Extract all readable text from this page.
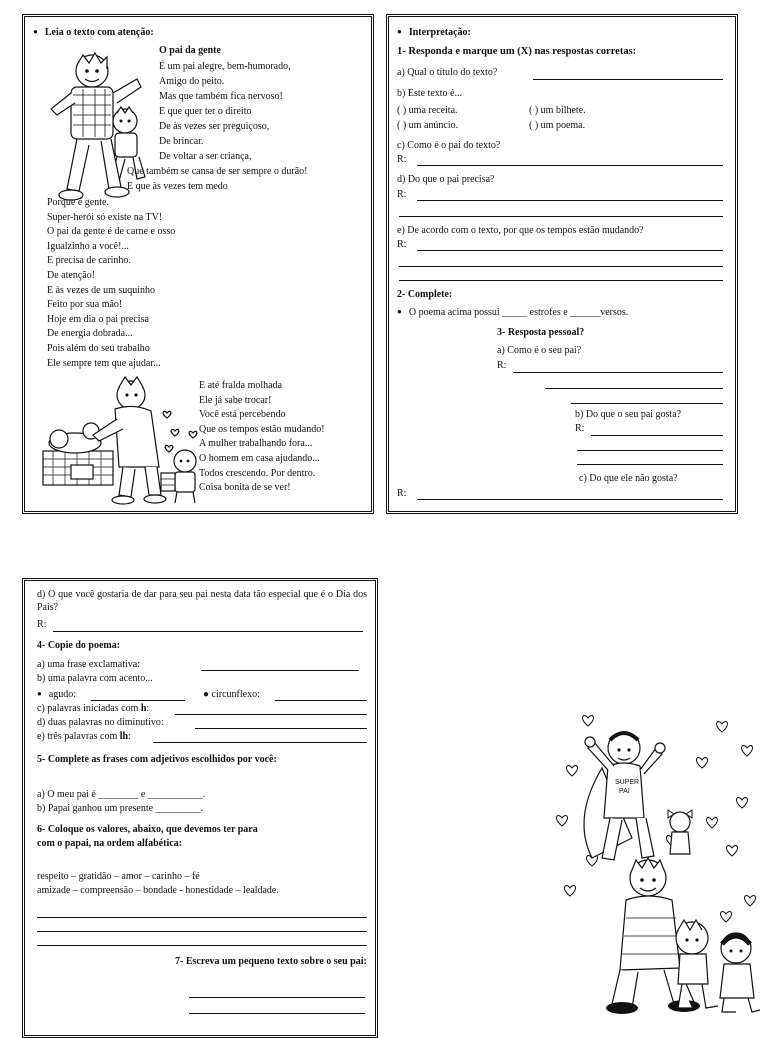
● Leia o texto com atenção:
O pai da gente
É um pai alegre, bem-humorado,
Amigo do peito.
Mas que também fica nervoso!
E que quer ter o direito
De às vezes ser preguiçoso,
De brincar.
De voltar a ser criança,
Que também se cansa de ser sempre o durão!
E que às vezes tem medo
Porque é gente.
Super-herói só existe na TV!
O pai da gente é de carne e osso
Igualzinho a você!...
E precisa de carinho.
De atenção!
E às vezes de um suquinho
Feito por sua mão!
Hoje em dia o pai precisa
De energia dobrada...
Pois além do seu trabalho
Ele sempre tem que ajudar...
E até fralda molhada
Ele já sabe trocar!
Você está percebendo
Que os tempos estão mudando!
A mulher trabalhando fora...
O homem em casa ajudando...
Todos crescendo. Por dentro.
Coisa bonita de se ver!
● Interpretação:
1- Responda e marque um (X) nas respostas corretas:
a) Qual o título do texto?
b) Este texto é...
( ) uma receita.	( ) um bilhete.
( ) um anúncio.	( ) um poema.
c) Como é o pai do texto?
R:
d) Do que o pai precisa?
R:
e) De acordo com o texto, por que os tempos estão mudando?
R:
2- Complete:
● O poema acima possui _____ estrofes e ______versos.
3- Resposta pessoal?
a) Como é o seu pai?
R:
b) Do que o seu pai gosta?
R:
c) Do que ele não gosta?
R:
d) O que você gostaria de dar para seu pai nesta data tão especial que é o Dia dos Pais?
R:
4- Copie do poema:
a) uma frase exclamativa:
b) uma palavra com acento...
● agudo:	● circunflexo:
c) palavras iniciadas com h:
d) duas palavras no diminutivo:
e) três palavras com lh:
5- Complete as frases com adjetivos escolhidos por você:
a) O meu pai é ________ e ___________.
b) Papai ganhou um presente _________.
6- Coloque os valores, abaixo, que devemos ter para com o papai, na ordem alfabética:
respeito – gratidão – amor – carinho – fé
amizade – compreensão – bondade - honestidade – lealdade.
7- Escreva um pequeno texto sobre o seu pai:
SUPER
PAI
